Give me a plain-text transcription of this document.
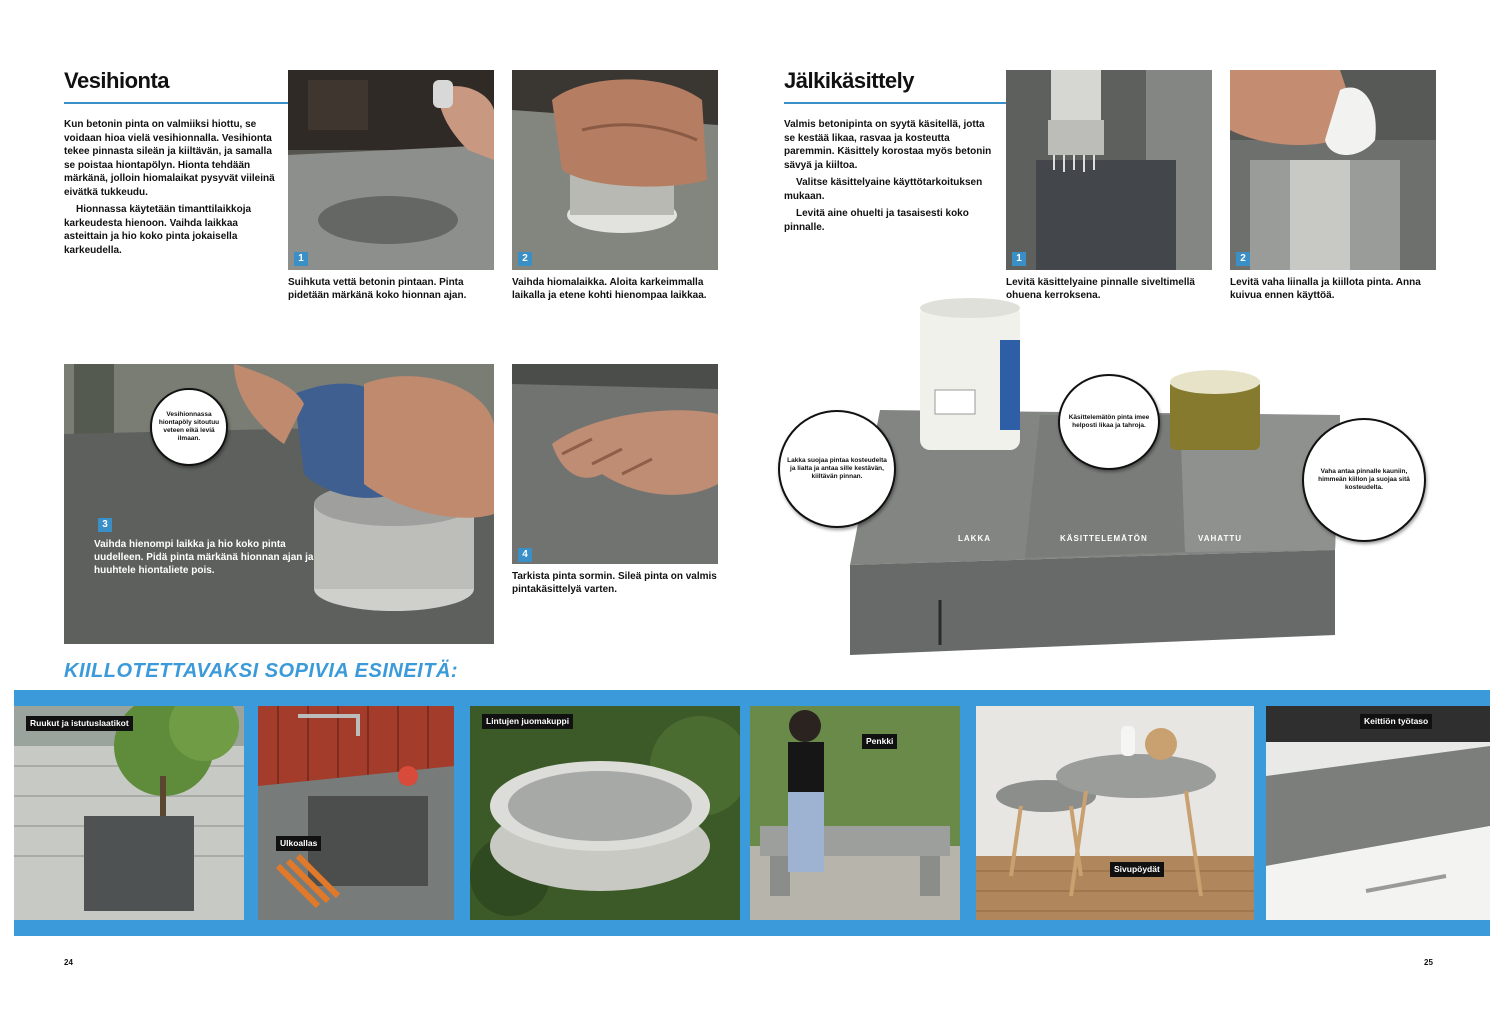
Vesihionta

Kun betonin pinta on valmiiksi hiottu, se voidaan hioa vielä vesihionnalla. Vesihionta tekee pinnasta sileän ja kiiltävän, ja samalla se poistaa hiontapölyn. Hionta tehdään märkänä, jolloin hiomalaikat pysyvät viileinä eivätkä tukkeudu.

Hionnassa käytetään timanttilaikkoja karkeudesta hienoon. Vaihda laikkaa asteittain ja hio koko pinta jokaisella karkeudella.

1
Suihkuta vettä betonin pintaan. Pinta pidetään märkänä koko hionnan ajan.
2
Vaihda hiomalaikka. Aloita karkeimmalla laikalla ja etene kohti hienompaa laikkaa.
3
Vaihda hienompi laikka ja hio koko pinta uudelleen. Pidä pinta märkänä hionnan ajan ja huuhtele hiontaliete pois.
Vesihionnassa hiontapöly sitoutuu veteen eikä leviä ilmaan.
4
Tarkista pinta sormin. Sileä pinta on valmis pintakäsittelyä varten.
Jälkikäsittely

Valmis betonipinta on syytä käsitellä, jotta se kestää likaa, rasvaa ja kosteutta paremmin. Käsittely korostaa myös betonin sävyä ja kiiltoa.

Valitse käsittelyaine käyttötarkoituksen mukaan.

Levitä aine ohuelti ja tasaisesti koko pinnalle.

1
Levitä käsittelyaine pinnalle siveltimellä ohuena kerroksena.
2
Levitä vaha liinalla ja kiillota pinta. Anna kuivua ennen käyttöä.
LAKKA	KÄSITTELEMÄTÖN	VAHATTU
Lakka suojaa pintaa kosteudelta ja lialta ja antaa sille kestävän, kiiltävän pinnan.
Käsittelemätön pinta imee helposti likaa ja tahroja.
Vaha antaa pinnalle kauniin, himmeän kiillon ja suojaa sitä kosteudelta.
KIILLOTETTAVAKSI SOPIVIA ESINEITÄ:
Ruukut ja istutuslaatikot
Ulkoallas
Lintujen juomakuppi
Penkki
Sivupöydät
Keittiön työtaso
24	25
